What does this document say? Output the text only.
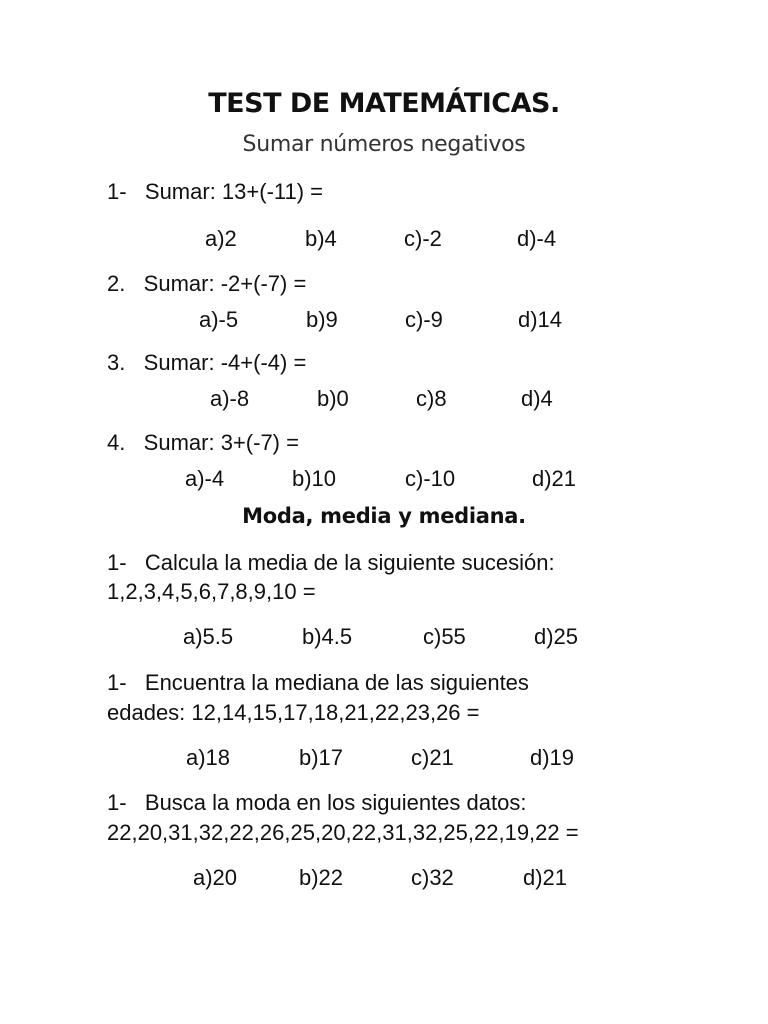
TEST DE MATEMÁTICAS.
Sumar números negativos
1-   Sumar: 13+(-11) =
a)2	b)4	c)-2	d)-4
2.   Sumar: -2+(-7) =
a)-5	b)9	c)-9	d)14
3.   Sumar: -4+(-4) =
a)-8	b)0	c)8	d)4
4.   Sumar: 3+(-7) =
a)-4	b)10	c)-10	d)21
Moda, media y mediana.
1-   Calcula la media de la siguiente sucesión:
1,2,3,4,5,6,7,8,9,10 =
a)5.5	b)4.5	c)55	d)25
1-   Encuentra la mediana de las siguientes
edades: 12,14,15,17,18,21,22,23,26 =
a)18	b)17	c)21	d)19
1-   Busca la moda en los siguientes datos:
22,20,31,32,22,26,25,20,22,31,32,25,22,19,22 =
a)20	b)22	c)32	d)21
